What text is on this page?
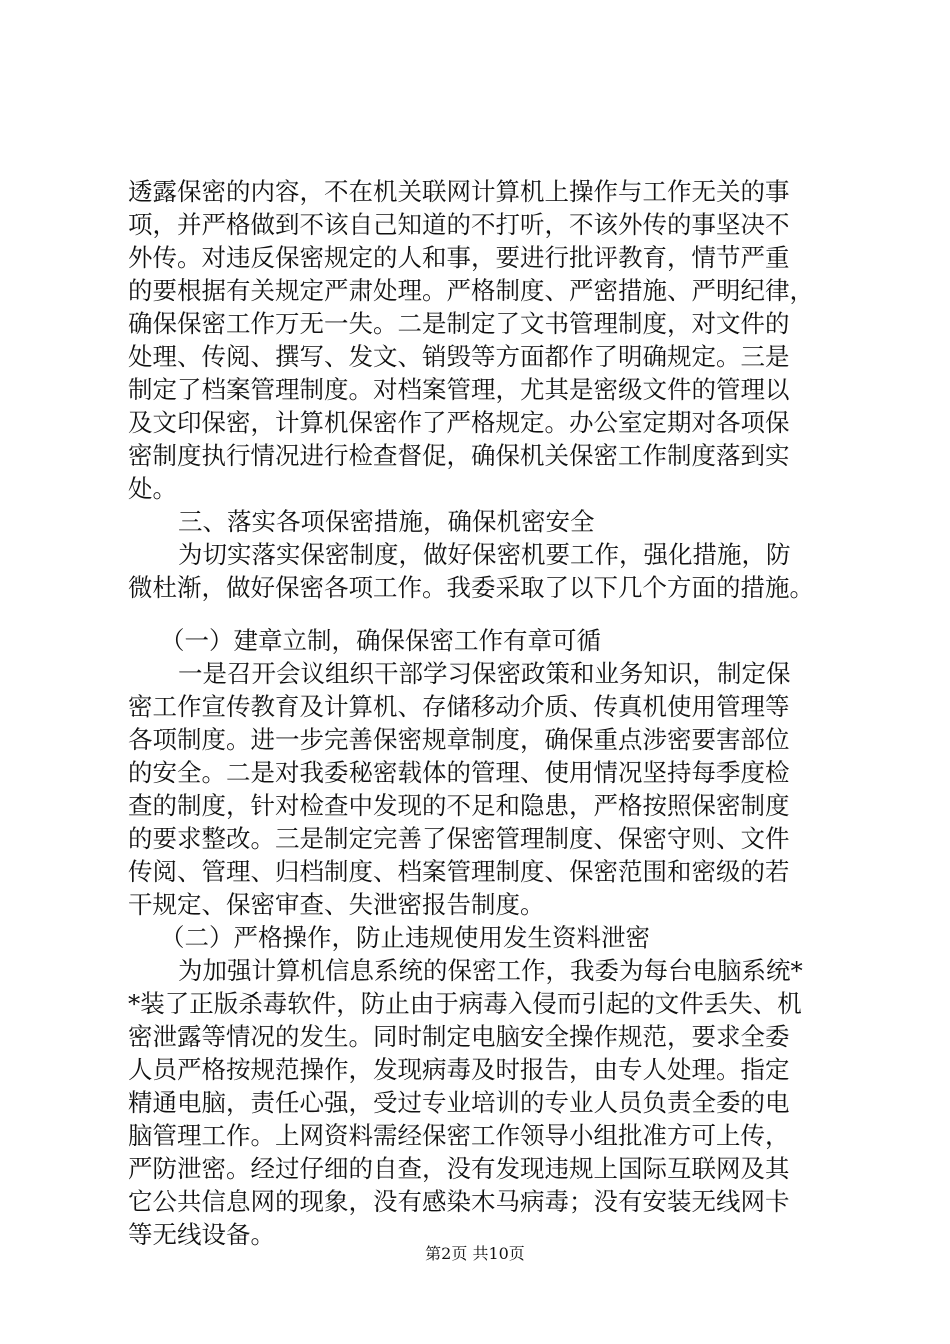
透露保密的内容，不在机关联网计算机上操作与工作无关的事
项，并严格做到不该自己知道的不打听，不该外传的事坚决不
外传。对违反保密规定的人和事，要进行批评教育，情节严重
的要根据有关规定严肃处理。严格制度、严密措施、严明纪律，
确保保密工作万无一失。二是制定了文书管理制度，对文件的
处理、传阅、撰写、发文、销毁等方面都作了明确规定。三是
制定了档案管理制度。对档案管理，尤其是密级文件的管理以
及文印保密，计算机保密作了严格规定。办公室定期对各项保
密制度执行情况进行检查督促，确保机关保密工作制度落到实
处。
三、落实各项保密措施，确保机密安全
为切实落实保密制度，做好保密机要工作，强化措施，防
微杜渐，做好保密各项工作。我委采取了以下几个方面的措施。
（一）建章立制，确保保密工作有章可循
一是召开会议组织干部学习保密政策和业务知识，制定保
密工作宣传教育及计算机、存储移动介质、传真机使用管理等
各项制度。进一步完善保密规章制度，确保重点涉密要害部位
的安全。二是对我委秘密载体的管理、使用情况坚持每季度检
查的制度，针对检查中发现的不足和隐患，严格按照保密制度
的要求整改。三是制定完善了保密管理制度、保密守则、文件
传阅、管理、归档制度、档案管理制度、保密范围和密级的若
干规定、保密审查、失泄密报告制度。
（二）严格操作，防止违规使用发生资料泄密
为加强计算机信息系统的保密工作，我委为每台电脑系统*
*装了正版杀毒软件，防止由于病毒入侵而引起的文件丢失、机
密泄露等情况的发生。同时制定电脑安全操作规范，要求全委
人员严格按规范操作，发现病毒及时报告，由专人处理。指定
精通电脑，责任心强，受过专业培训的专业人员负责全委的电
脑管理工作。上网资料需经保密工作领导小组批准方可上传，
严防泄密。经过仔细的自查，没有发现违规上国际互联网及其
它公共信息网的现象，没有感染木马病毒；没有安装无线网卡
等无线设备。
第2页 共10页
